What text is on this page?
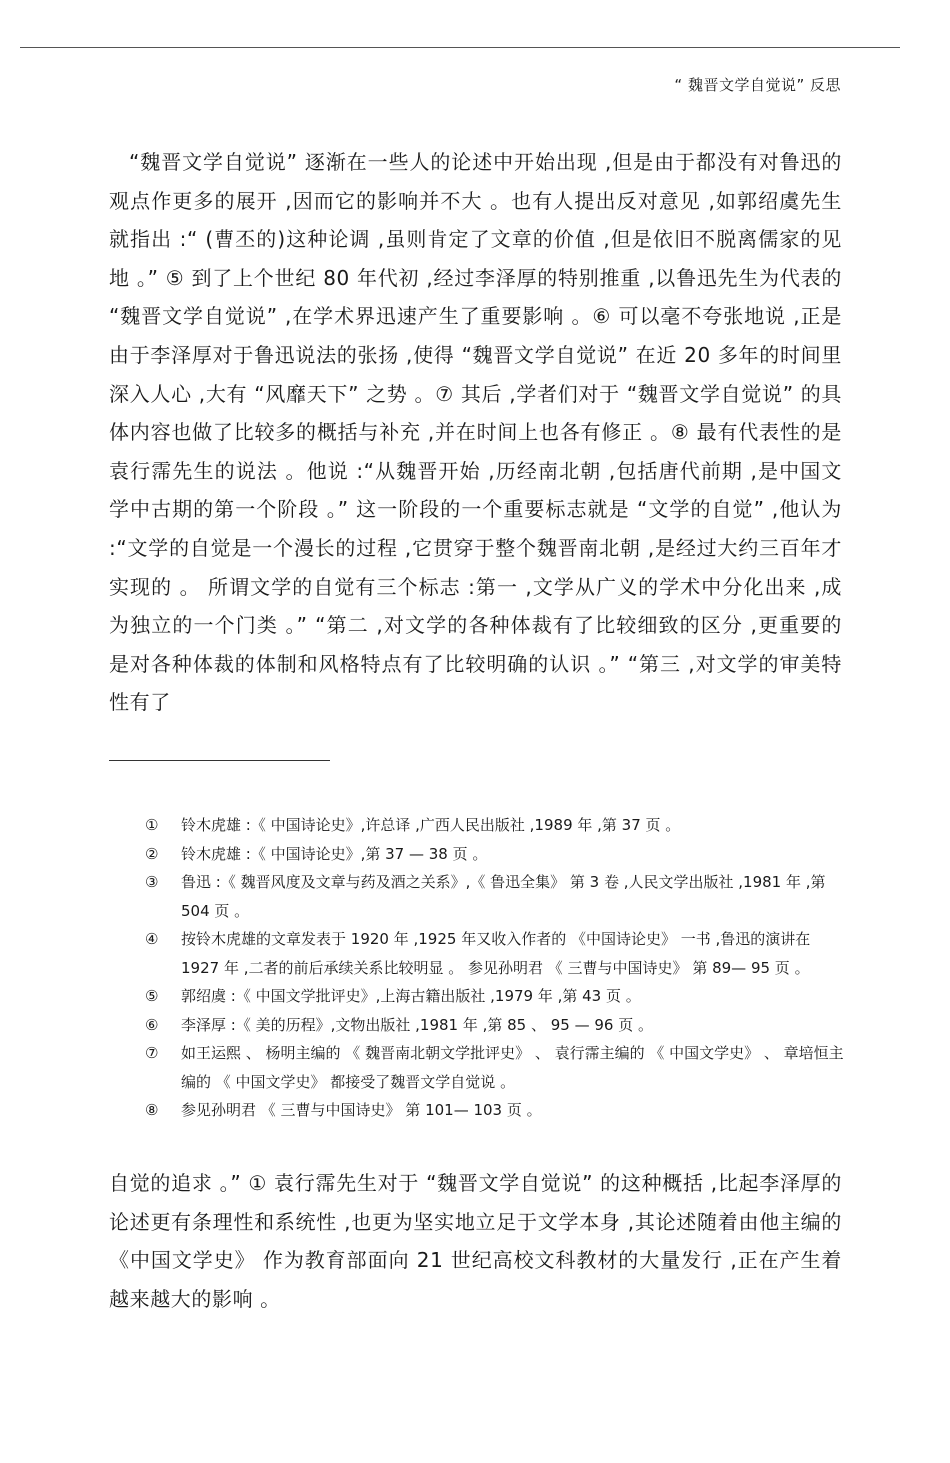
“ 魏晋文学自觉说” 反思

“魏晋文学自觉说” 逐渐在一些人的论述中开始出现 ,但是由于都没有对鲁迅的观点作更多的展开 ,因而它的影响并不大 。也有人提出反对意见 ,如郭绍虞先生就指出 :“ (曹丕的)这种论调 ,虽则肯定了文章的价值 ,但是依旧不脱离儒家的见地 。” ⑤ 到了上个世纪 80 年代初 ,经过李泽厚的特别推重 ,以鲁迅先生为代表的 “魏晋文学自觉说” ,在学术界迅速产生了重要影响 。⑥ 可以毫不夸张地说 ,正是由于李泽厚对于鲁迅说法的张扬 ,使得 “魏晋文学自觉说” 在近 20 多年的时间里深入人心 ,大有 “风靡天下” 之势 。⑦ 其后 ,学者们对于 “魏晋文学自觉说” 的具体内容也做了比较多的概括与补充 ,并在时间上也各有修正 。⑧ 最有代表性的是袁行霈先生的说法 。他说 :“从魏晋开始 ,历经南北朝 ,包括唐代前期 ,是中国文学中古期的第一个阶段 。” 这一阶段的一个重要标志就是 “文学的自觉” ,他认为 :“文学的自觉是一个漫长的过程 ,它贯穿于整个魏晋南北朝 ,是经过大约三百年才实现的 。 所谓文学的自觉有三个标志 :第一 ,文学从广义的学术中分化出来 ,成为独立的一个门类 。” “第二 ,对文学的各种体裁有了比较细致的区分 ,更重要的是对各种体裁的体制和风格特点有了比较明确的认识 。” “第三 ,对文学的审美特性有了

①	铃木虎雄 :《 中国诗论史》,许总译 ,广西人民出版社 ,1989 年 ,第 37 页 。
②	铃木虎雄 :《 中国诗论史》,第 37 — 38 页 。
③	鲁迅 :《 魏晋风度及文章与药及酒之关系》,《 鲁迅全集》 第 3 卷 ,人民文学出版社 ,1981 年 ,第 504 页 。
④	按铃木虎雄的文章发表于 1920 年 ,1925 年又收入作者的 《中国诗论史》 一书 ,鲁迅的演讲在 1927 年 ,二者的前后承续关系比较明显 。 参见孙明君 《 三曹与中国诗史》 第 89— 95 页 。
⑤	郭绍虞 :《 中国文学批评史》,上海古籍出版社 ,1979 年 ,第 43 页 。
⑥	李泽厚 :《 美的历程》,文物出版社 ,1981 年 ,第 85 、 95 — 96 页 。
⑦	如王运熙 、 杨明主编的 《 魏晋南北朝文学批评史》 、 袁行霈主编的 《 中国文学史》 、 章培恒主编的 《 中国文学史》 都接受了魏晋文学自觉说 。
⑧	参见孙明君 《 三曹与中国诗史》 第 101— 103 页 。

自觉的追求 。” ① 袁行霈先生对于 “魏晋文学自觉说” 的这种概括 ,比起李泽厚的论述更有条理性和系统性 ,也更为坚实地立足于文学本身 ,其论述随着由他主编的 《中国文学史》 作为教育部面向 21 世纪高校文科教材的大量发行 ,正在产生着越来越大的影响 。
